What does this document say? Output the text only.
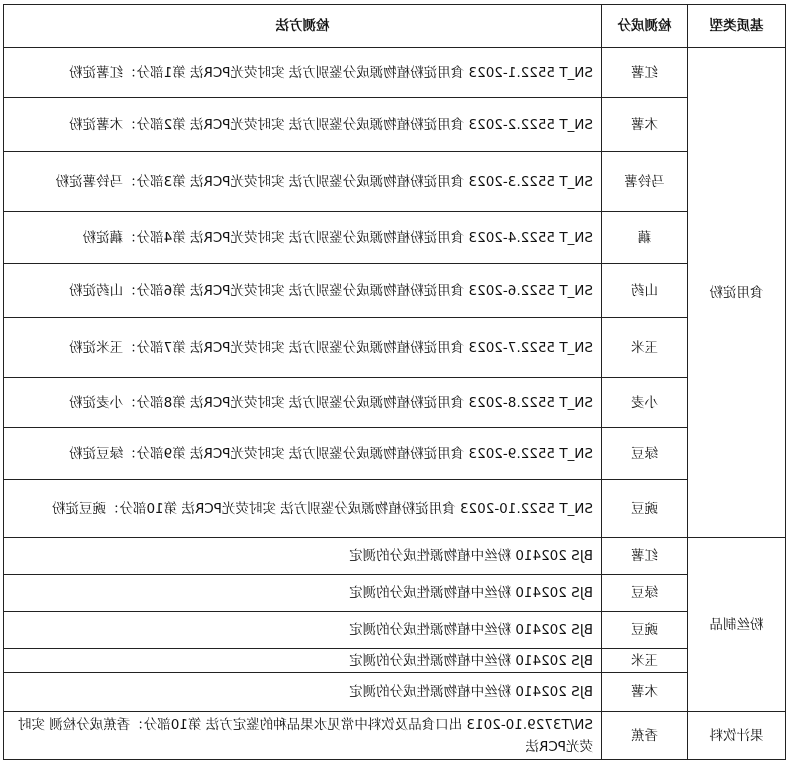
基质类型	检测成分	检测方法
食用淀粉	红薯	SN_T 5522.1-2023 食用淀粉植物源成分鉴别方法 实时荧光PCR法 第1部分：红薯淀粉
	木薯	SN_T 5522.2-2023 食用淀粉植物源成分鉴别方法 实时荧光PCR法 第2部分：木薯淀粉
	马铃薯	SN_T 5522.3-2023 食用淀粉植物源成分鉴别方法 实时荧光PCR法 第3部分：马铃薯淀粉
	藕	SN_T 5522.4-2023 食用淀粉植物源成分鉴别方法 实时荧光PCR法 第4部分：藕淀粉
	山药	SN_T 5522.6-2023 食用淀粉植物源成分鉴别方法 实时荧光PCR法 第6部分：山药淀粉
	玉米	SN_T 5522.7-2023 食用淀粉植物源成分鉴别方法 实时荧光PCR法 第7部分：玉米淀粉
	小麦	SN_T 5522.8-2023 食用淀粉植物源成分鉴别方法 实时荧光PCR法 第8部分：小麦淀粉
	绿豆	SN_T 5522.9-2023 食用淀粉植物源成分鉴别方法 实时荧光PCR法 第9部分：绿豆淀粉
	豌豆	SN_T 5522.10-2023 食用淀粉植物源成分鉴别方法 实时荧光PCR法 第10部分：豌豆淀粉
粉丝制品	红薯	BJS 202410 粉丝中植物源性成分的测定
	绿豆	BJS 202410 粉丝中植物源性成分的测定
	豌豆	BJS 202410 粉丝中植物源性成分的测定
	玉米	BJS 202410 粉丝中植物源性成分的测定
	木薯	BJS 202410 粉丝中植物源性成分的测定
果汁饮料	香蕉	SN/T3729.10-2013 出口食品及饮料中常见水果品种的鉴定方法 第10部分：香蕉成分检测 实时荧光PCR法
